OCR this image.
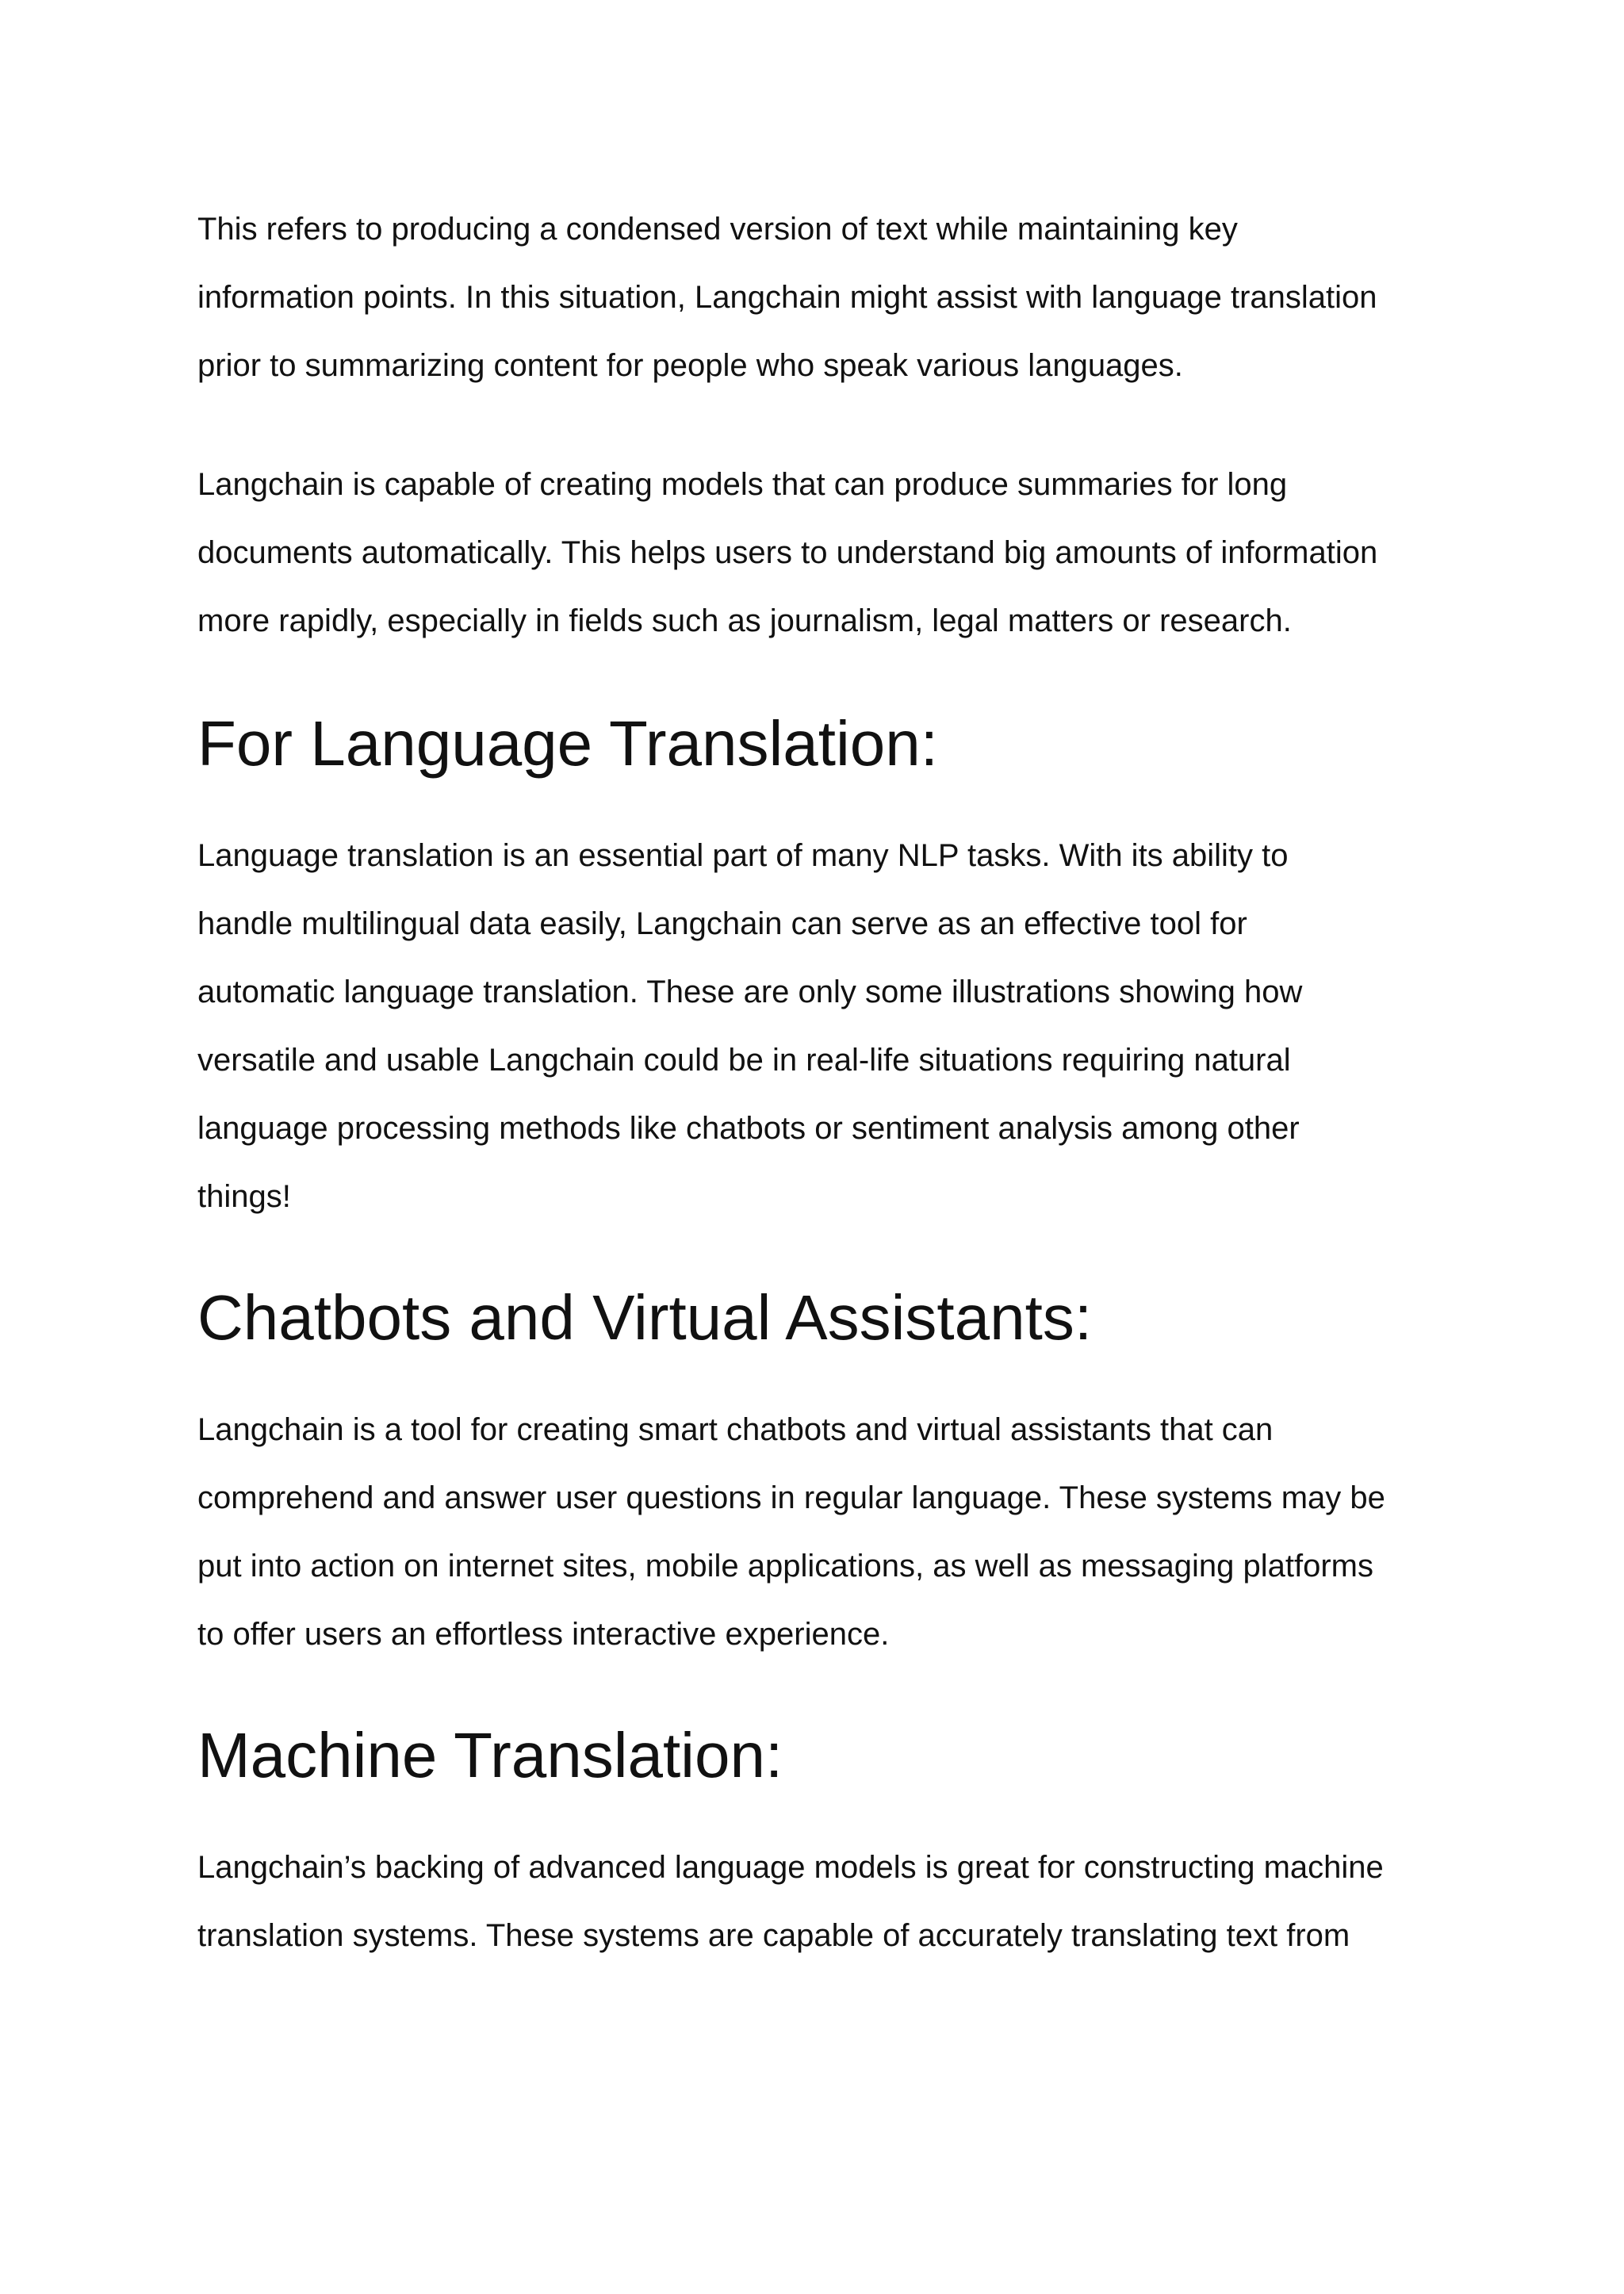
This refers to producing a condensed version of text while maintaining key
information points. In this situation, Langchain might assist with language translation
prior to summarizing content for people who speak various languages.

Langchain is capable of creating models that can produce summaries for long
documents automatically. This helps users to understand big amounts of information
more rapidly, especially in fields such as journalism, legal matters or research.

For Language Translation:

Language translation is an essential part of many NLP tasks. With its ability to
handle multilingual data easily, Langchain can serve as an effective tool for
automatic language translation. These are only some illustrations showing how
versatile and usable Langchain could be in real-life situations requiring natural
language processing methods like chatbots or sentiment analysis among other
things!

Chatbots and Virtual Assistants:

Langchain is a tool for creating smart chatbots and virtual assistants that can
comprehend and answer user questions in regular language. These systems may be
put into action on internet sites, mobile applications, as well as messaging platforms
to offer users an effortless interactive experience.

Machine Translation:

Langchain’s backing of advanced language models is great for constructing machine
translation systems. These systems are capable of accurately translating text from
